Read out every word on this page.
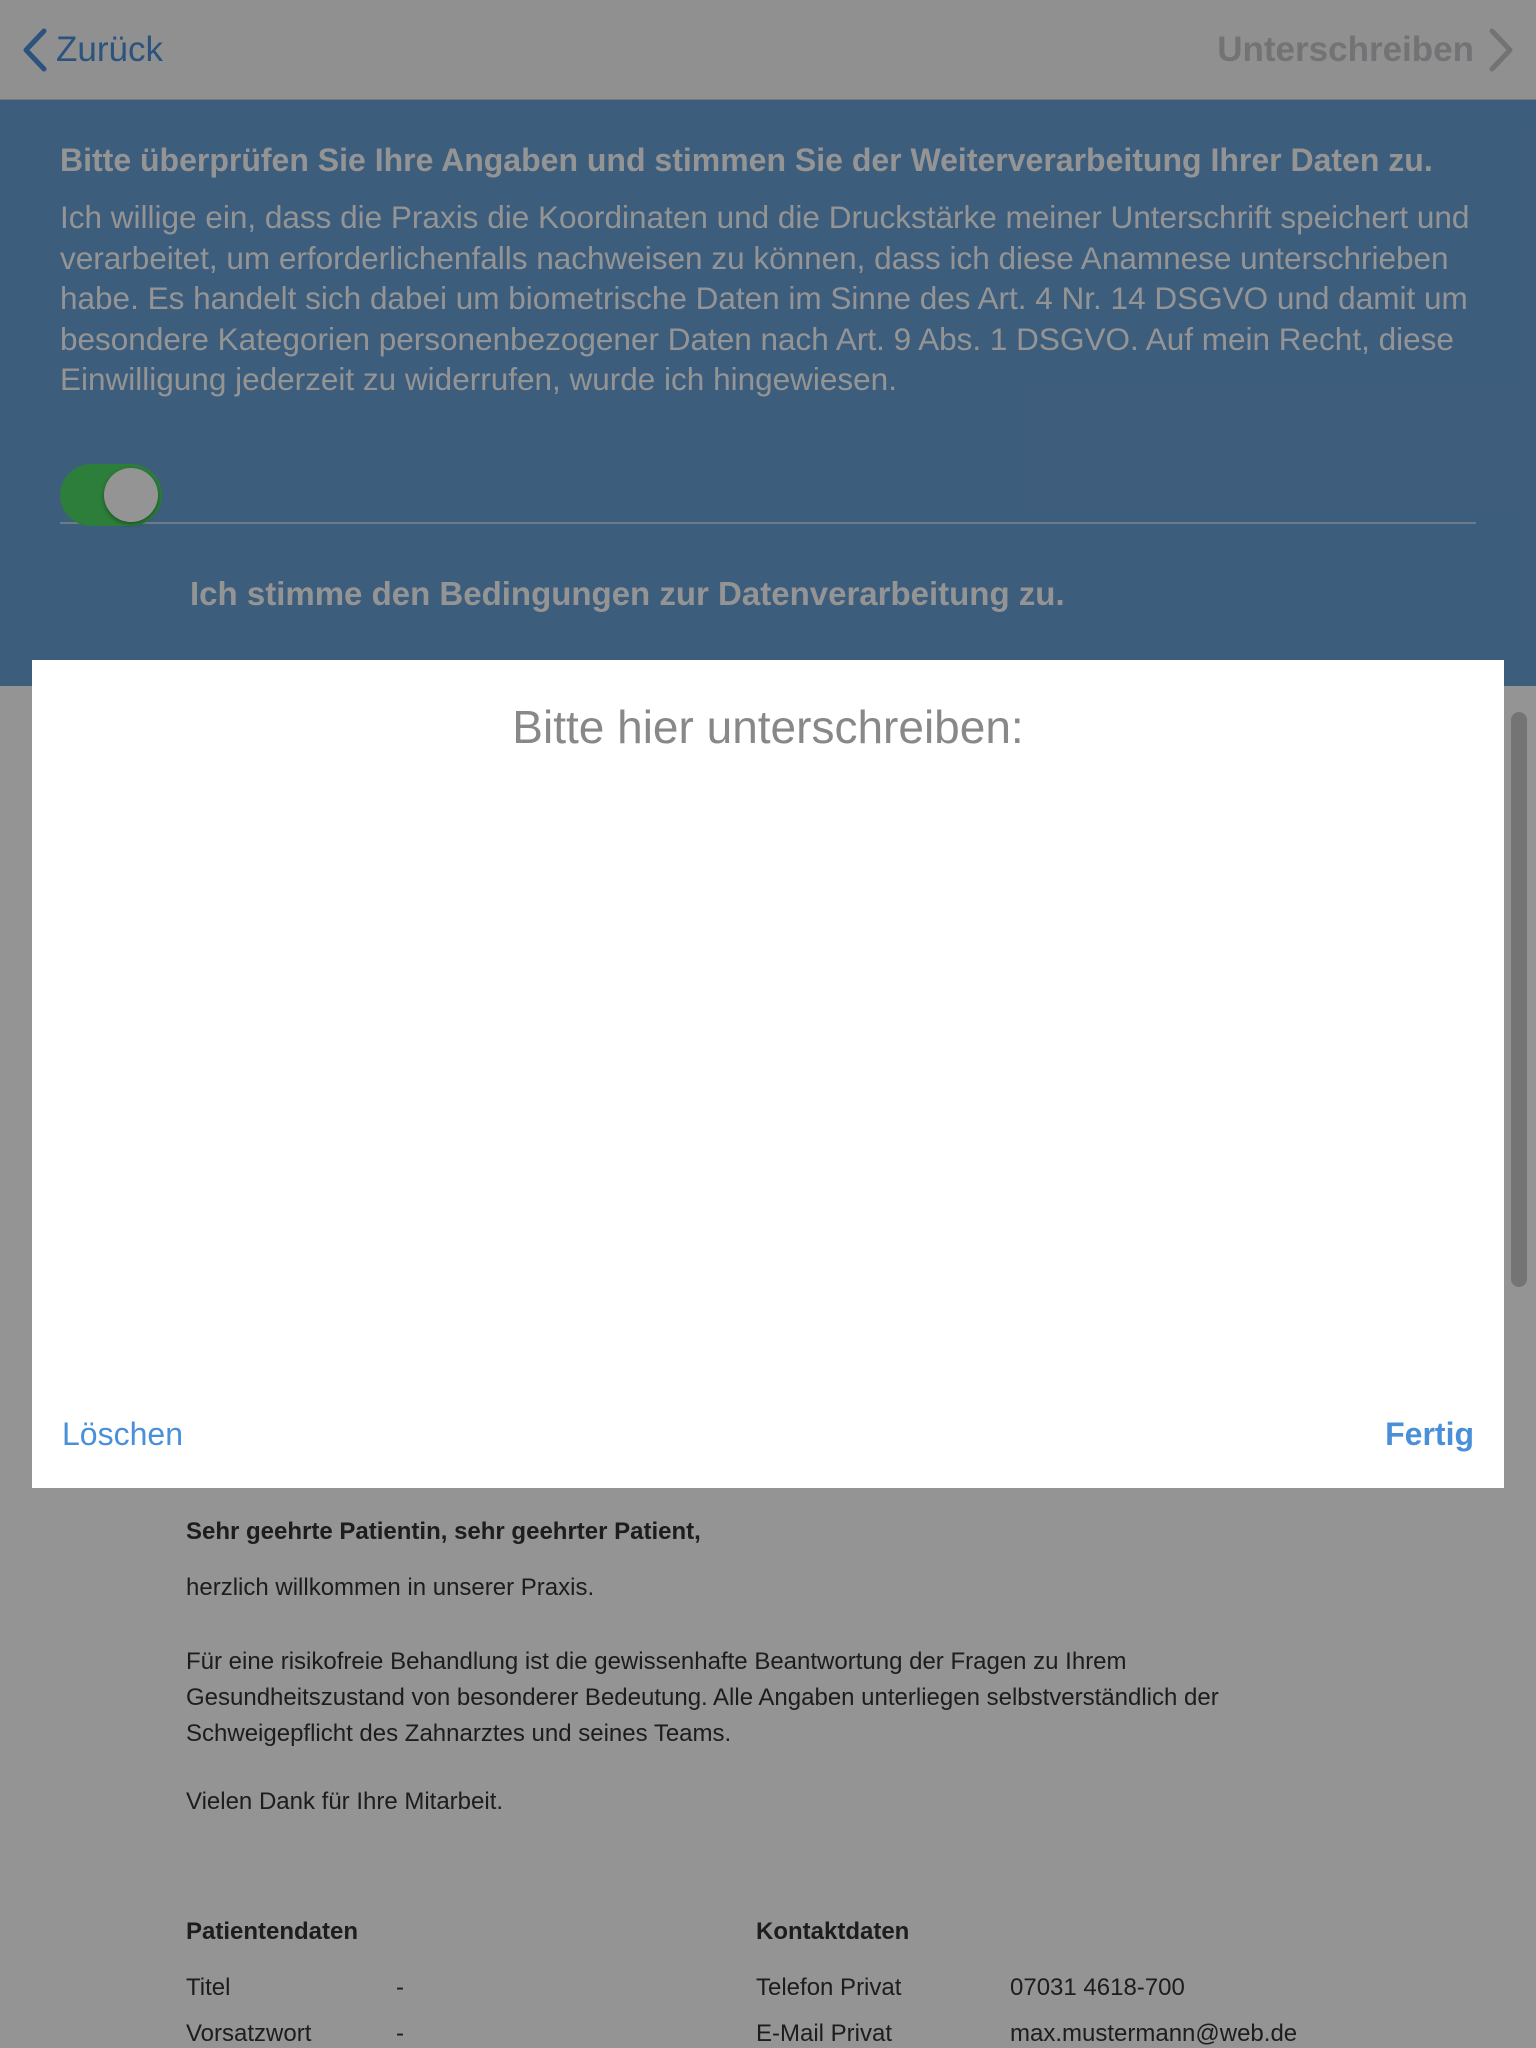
Zurück	Unterschreiben

Bitte überprüfen Sie Ihre Angaben und stimmen Sie der Weiterverarbeitung Ihrer Daten zu.

Ich willige ein, dass die Praxis die Koordinaten und die Druckstärke meiner Unterschrift speichert und verarbeitet, um erforderlichenfalls nachweisen zu können, dass ich diese Anamnese unterschrieben habe. Es handelt sich dabei um biometrische Daten im Sinne des Art. 4 Nr. 14 DSGVO und damit um besondere Kategorien personenbezogener Daten nach Art. 9 Abs. 1 DSGVO. Auf mein Recht, diese Einwilligung jederzeit zu widerrufen, wurde ich hingewiesen.

Ich stimme den Bedingungen zur Datenverarbeitung zu.
Sehr geehrte Patientin, sehr geehrter Patient,
herzlich willkommen in unserer Praxis.

Für eine risikofreie Behandlung ist die gewissenhafte Beantwortung der Fragen zu Ihrem Gesundheitszustand von besonderer Bedeutung. Alle Angaben unterliegen selbstverständlich der Schweigepflicht des Zahnarztes und seines Teams.

Vielen Dank für Ihre Mitarbeit.
Patientendaten
Titel	-
Vorsatzwort	-
Kontaktdaten
Telefon Privat	07031 4618-700
E-Mail Privat	max.mustermann@web.de
Bitte hier unterschreiben:
Löschen	Fertig
